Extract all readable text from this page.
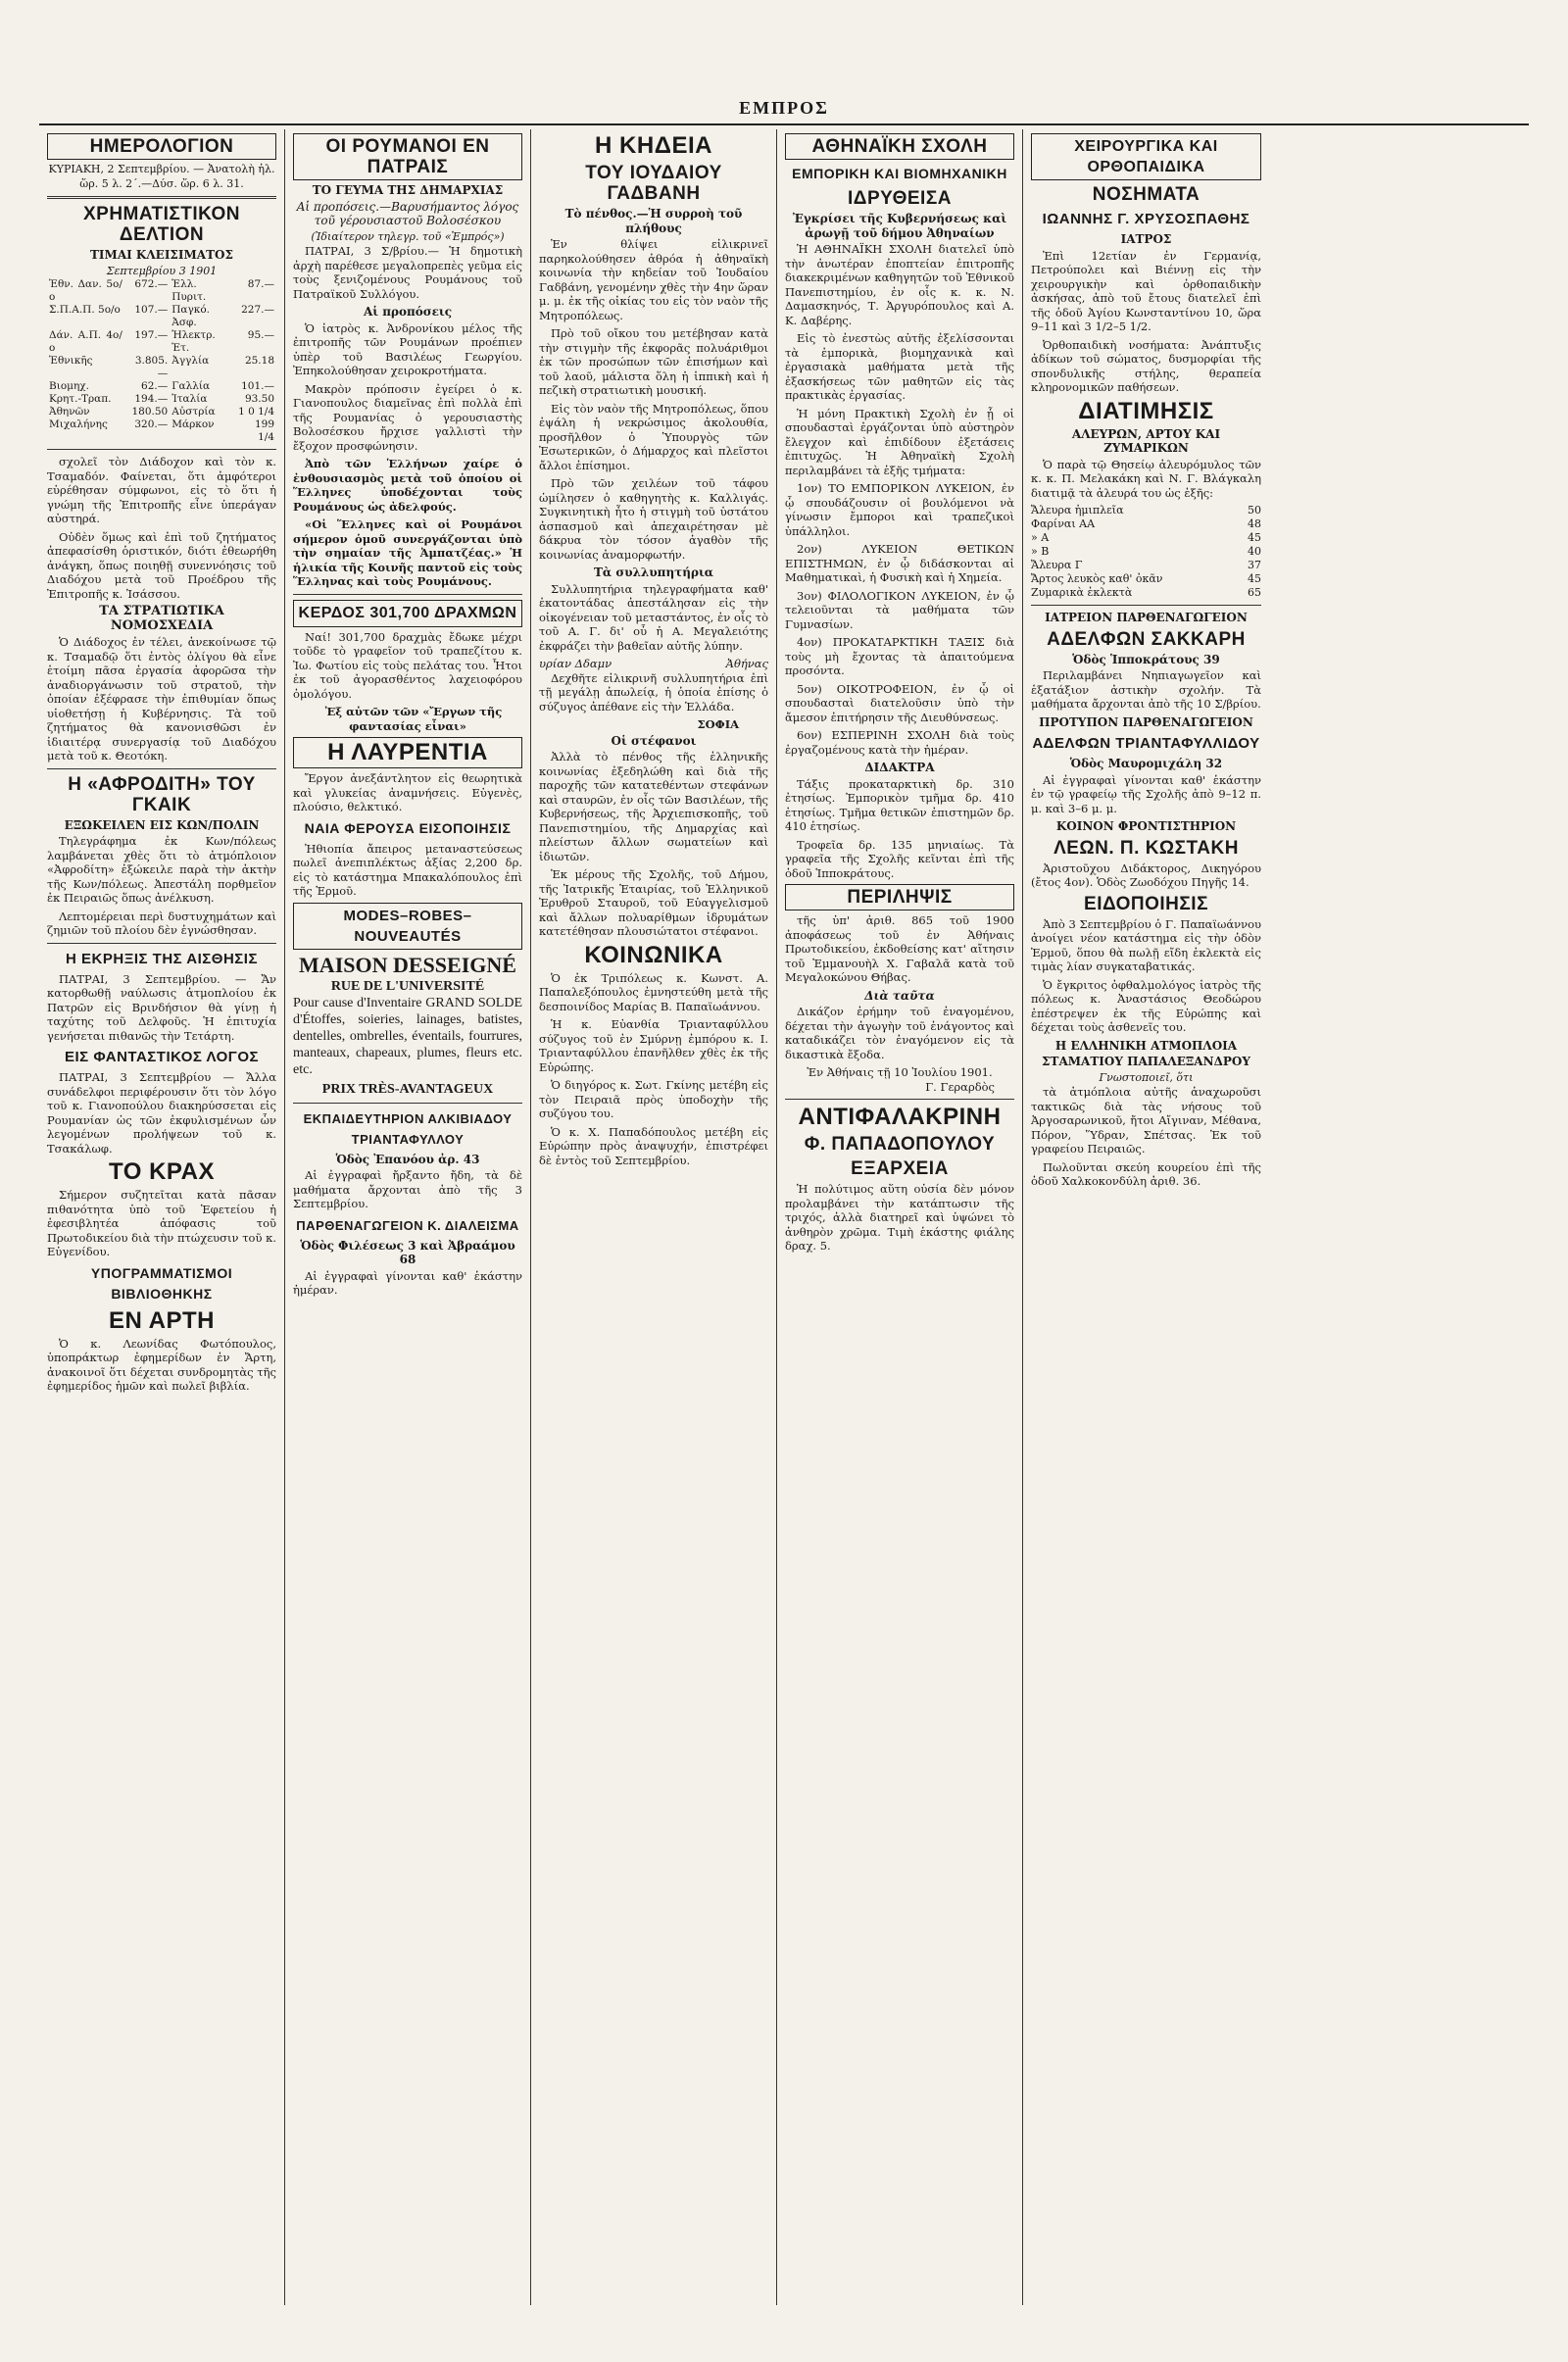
ΕΜΠΡΟΣ
ΗΜΕΡΟΛΟΓΙΟΝ
ΚΥΡΙΑΚΗ, 2 Σεπτεμβρίου. — Ἀνατολὴ ἡλ. ὥρ. 5 λ. 2΄.—Δύσ. ὥρ. 6 λ. 31.
ΧΡΗΜΑΤΙΣΤΙΚΟΝ ΔΕΛΤΙΟΝ
ΤΙΜΑΙ ΚΛΕΙΣΙΜΑΤΟΣ
Σεπτεμβρίου 3 1901
Ἐθν. Δαν. 5ο/ο	672.—	Ἑλλ. Πυριτ.	87.—
Σ.Π.Α.Π. 5ο/ο	107.—	Παγκό. Ἀσφ.	227.—
Δάν. Α.Π. 4ο/ο	197.—	Ἠλεκτρ. Ἑτ.	95.—
Ἐθνικῆς	3.805.—	Ἀγγλία	25.18
Βιομηχ.	62.—	Γαλλία	101.—
Κρητ.-Τραπ.	194.—	Ἰταλία	93.50
Ἀθηνῶν	180.50	Αὐστρία	1 0 1/4
Μιχαλήνης	320.—	Μάρκον	199 1/4

σχολεῖ τὸν Διάδοχον καὶ τὸν κ. Τσαμαδόν. Φαίνεται, ὅτι ἀμφότεροι εὑρέθησαν σύμφωνοι, εἰς τὸ ὅτι ἡ γνώμη τῆς Ἐπιτροπῆς εἶνε ὑπεράγαν αὐστηρά.

Οὐδὲν ὅμως καὶ ἐπὶ τοῦ ζητήματος ἀπεφασίσθη ὁριστικόν, διότι ἐθεωρήθη ἀνάγκη, ὅπως ποιηθῇ συνεννόησις τοῦ Διαδόχου μετὰ τοῦ Προέδρου τῆς Ἐπιτροπῆς κ. Ἰσάσσου.

ΤΑ ΣΤΡΑΤΙΩΤΙΚΑ ΝΟΜΟΣΧΕΔΙΑ

Ὁ Διάδοχος ἐν τέλει, ἀνεκοίνωσε τῷ κ. Τσαμαδῷ ὅτι ἐντὸς ὀλίγου θὰ εἶνε ἑτοίμη πᾶσα ἐργασία ἀφορῶσα τὴν ἀναδιοργάνωσιν τοῦ στρατοῦ, τὴν ὁποίαν ἐξέφρασε τὴν ἐπιθυμίαν ὅπως υἱοθετήσῃ ἡ Κυβέρνησις. Τὰ τοῦ ζητήματος θὰ κανονισθῶσι ἐν ἰδιαιτέρᾳ συνεργασίᾳ τοῦ Διαδόχου μετὰ τοῦ κ. Θεοτόκη.

Η «ΑΦΡΟΔΙΤΗ» ΤΟΥ ΓΚΑΙΚ
ΕΞΩΚΕΙΛΕΝ ΕΙΣ ΚΩΝ/ΠΟΛΙΝ

Τηλεγράφημα ἐκ Κων/πόλεως λαμβάνεται χθὲς ὅτι τὸ ἀτμόπλοιον «Ἀφροδίτη» ἐξώκειλε παρὰ τὴν ἀκτὴν τῆς Κων/πόλεως. Ἀπεστάλη πορθμεῖον ἐκ Πειραιῶς ὅπως ἀνέλκυση.

Λεπτομέρειαι περὶ δυστυχημάτων καὶ ζημιῶν τοῦ πλοίου δὲν ἐγνώσθησαν.

Η ΕΚΡΗΞΙΣ ΤΗΣ ΑΙΣΘΗΣΙΣ

ΠΑΤΡΑΙ, 3 Σεπτεμβρίου. — Ἄν κατορθωθῇ ναύλωσις ἀτμοπλοίου ἐκ Πατρῶν εἰς Βρινδήσιον θὰ γίνῃ ἡ ταχύτης τοῦ Δελφοῦς. Ἡ ἐπιτυχία γενήσεται πιθανῶς τὴν Τετάρτη.

ΕΙΣ ΦΑΝΤΑΣΤΙΚΟΣ ΛΟΓΟΣ

ΠΑΤΡΑΙ, 3 Σεπτεμβρίου — Ἄλλα συνάδελφοι περιφέρουσιν ὅτι τὸν λόγο τοῦ κ. Γιανοπούλου διακηρύσσεται εἰς Ρουμανίαν ὡς τῶν ἐκφυλισμένων ὧν λεγομένων προλήψεων τοῦ κ. Τσακάλωφ.

ΤΟ ΚΡΑΧ

Σήμερον συζητεῖται κατὰ πᾶσαν πιθανότητα ὑπὸ τοῦ Ἐφετείου ἡ ἐφεσιβλητέα ἀπόφασις τοῦ Πρωτοδικείου διὰ τὴν πτώχευσιν τοῦ κ. Εὐγενίδου.

ΥΠΟΓΡΑΜΜΑΤΙΣΜΟΙ ΒΙΒΛΙΟΘΗΚΗΣ
ΕΝ ΑΡΤΗ

Ὁ κ. Λεωνίδας Φωτόπουλος, ὑποπράκτωρ ἐφημερίδων ἐν Ἄρτη, ἀνακοινοῖ ὅτι δέχεται συνδρομητὰς τῆς ἐφημερίδος ἡμῶν καὶ πωλεῖ βιβλία.

ΟΙ ΡΟΥΜΑΝΟΙ ΕΝ ΠΑΤΡΑΙΣ
ΤΟ ΓΕΥΜΑ ΤΗΣ ΔΗΜΑΡΧΙΑΣ
Αἱ προπόσεις.—Βαρυσήμαντος λόγος τοῦ γέρουσιαστοῦ Βολοσέσκου
(Ἰδιαίτερον τηλεγρ. τοῦ «Ἐμπρός»)

ΠΑΤΡΑΙ, 3 Σ/βρίου.— Ἡ δημοτικὴ ἀρχὴ παρέθεσε μεγαλοπρεπὲς γεῦμα εἰς τοὺς ξενιζομένους Ρουμάνους τοῦ Πατραϊκοῦ Συλλόγου.

Αἱ προπόσεις

Ὁ ἰατρὸς κ. Ἀνδρονίκου μέλος τῆς ἐπιτροπῆς τῶν Ρουμάνων προέπιεν ὑπὲρ τοῦ Βασιλέως Γεωργίου. Ἐπηκολούθησαν χειροκροτήματα.

Μακρὸν πρόποσιν ἐγείρει ὁ κ. Γιανοπουλος διαμεῖνας ἐπὶ πολλὰ ἐπὶ τῆς Ρουμανίας ὁ γερουσιαστὴς Βολοσέσκου ἤρχισε γαλλιστὶ τὴν ἔξοχον προσφώνησιν.

Ἀπὸ τῶν Ἑλλήνων χαίρε ὁ ἐνθουσιασμὸς μετὰ τοῦ ὁποίου οἱ Ἕλληνες ὑποδέχονται τοὺς Ρουμάνους ὡς ἀδελφούς.

«Οἱ Ἕλληνες καὶ οἱ Ρουμάνοι σήμερον ὁμοῦ συνεργάζονται ὑπὸ τὴν σημαίαν τῆς Ἀμπατζέας.» Ἡ ἡλικία τῆς Κοινῆς παντοῦ εἰς τοὺς Ἕλληνας καὶ τοὺς Ρουμάνους.

ΚΕΡΔΟΣ 301,700 ΔΡΑΧΜΩΝ

Ναί! 301,700 δραχμὰς ἔδωκε μέχρι τοῦδε τὸ γραφεῖον τοῦ τραπεζίτου κ. Ἰω. Φωτίου εἰς τοὺς πελάτας του. Ἦτοι ἐκ τοῦ ἀγορασθέντος λαχειοφόρου ὁμολόγου.

Ἐξ αὐτῶν τῶν «Ἔργων τῆς φαντασίας εἶναι»

Η ΛΑΥΡΕΝΤΙΑ

Ἔργον ἀνεξάντλητον εἰς θεωρητικὰ καὶ γλυκείας ἀναμνήσεις. Εὐγενὲς, πλούσιο, θελκτικό.

ΝΑΙΑ ΦΕΡΟΥΣΑ ΕΙΣΟΠΟΙΗΣΙΣ

Ἠθιοπία ἄπειρος μεταναστεύσεως πωλεῖ ἀνεπιπλέκτως ἀξίας 2,200 δρ. εἰς τὸ κατάστημα Μπακαλόπουλος ἐπὶ τῆς Ἑρμοῦ.

MODES–ROBES–NOUVEAUTÉS
MAISON DESSEIGNÉ
RUE DE L'UNIVERSITÉ
Pour cause d'Inventaire GRAND SOLDE d'Étoffes, soieries, lainages, batistes, dentelles, ombrelles, éventails, fourrures, manteaux, chapeaux, plumes, fleurs etc. etc.
PRIX TRÈS-AVANTAGEUX
ΕΚΠΑΙΔΕΥΤΗΡΙΟΝ ΑΛΚΙΒΙΑΔΟΥ ΤΡΙΑΝΤΑΦΥΛΛΟΥ
Ὁδὸς Ἐπανόου ἀρ. 43

Αἱ ἐγγραφαὶ ἤρξαντο ἤδη, τὰ δὲ μαθήματα ἄρχονται ἀπὸ τῆς 3 Σεπτεμβρίου.

ΠΑΡΘΕΝΑΓΩΓΕΙΟΝ Κ. ΔΙΑΛΕΙΣΜΑ
Ὁδὸς Φιλέσεως 3 καὶ Ἀβραάμου 68

Αἱ ἐγγραφαὶ γίνονται καθ' ἑκάστην ἡμέραν.

Η ΚΗΔΕΙΑ
ΤΟΥ ΙΟΥΔΑΙΟΥ ΓΑΔΒΑΝΗ
Τὸ πένθος.—Ἡ συρροὴ τοῦ πλήθους

Ἐν θλίψει εἰλικρινεῖ παρηκολούθησεν ἀθρόα ἡ ἀθηναϊκὴ κοινωνία τὴν κηδείαν τοῦ Ἰουδαίου Γαδβάνη, γενομένην χθὲς τὴν 4ην ὥραν μ. μ. ἐκ τῆς οἰκίας του εἰς τὸν ναὸν τῆς Μητροπόλεως.

Πρὸ τοῦ οἴκου του μετέβησαν κατὰ τὴν στιγμὴν τῆς ἐκφορᾶς πολυάριθμοι ἐκ τῶν προσώπων τῶν ἐπισήμων καὶ τοῦ λαοῦ, μάλιστα ὅλη ἡ ἱππικὴ καὶ ἡ πεζικὴ στρατιωτικὴ μουσική.

Εἰς τὸν ναὸν τῆς Μητροπόλεως, ὅπου ἐψάλη ἡ νεκρώσιμος ἀκολουθία, προσῆλθον ὁ Ὑπουργὸς τῶν Ἐσωτερικῶν, ὁ Δήμαρχος καὶ πλεῖστοι ἄλλοι ἐπίσημοι.

Πρὸ τῶν χειλέων τοῦ τάφου ὡμίλησεν ὁ καθηγητὴς κ. Καλλιγάς. Συγκινητικὴ ἦτο ἡ στιγμὴ τοῦ ὑστάτου ἀσπασμοῦ καὶ ἀπεχαιρέτησαν μὲ δάκρυα τὸν τόσον ἀγαθὸν τῆς κοινωνίας ἀναμορφωτήν.

Τὰ συλλυπητήρια

Συλλυπητήρια τηλεγραφήματα καθ' ἑκατοντάδας ἀπεστάλησαν εἰς τὴν οἰκογένειαν τοῦ μεταστάντος, ἐν οἷς τὸ τοῦ Α. Γ. δι' οὗ ἡ Α. Μεγαλειότης ἐκφράζει τὴν βαθεῖαν αὐτῆς λύπην.

υρίαν Δδαμν	Ἀθήνας

Δεχθῆτε εἰλικρινῆ συλλυπητήρια ἐπὶ τῇ μεγάλῃ ἀπωλείᾳ, ἡ ὁποία ἐπίσης ὁ σύζυγος ἀπέθανε εἰς τὴν Ἑλλάδα.

ΣΟΦΙΑ
Οἱ στέφανοι

Ἀλλὰ τὸ πένθος τῆς ἑλληνικῆς κοινωνίας ἐξεδηλώθη καὶ διὰ τῆς παροχῆς τῶν κατατεθέντων στεφάνων καὶ σταυρῶν, ἐν οἷς τῶν Βασιλέων, τῆς Κυβερνήσεως, τῆς Ἀρχιεπισκοπῆς, τοῦ Πανεπιστημίου, τῆς Δημαρχίας καὶ πλείστων ἄλλων σωματείων καὶ ἰδιωτῶν.

Ἐκ μέρους τῆς Σχολῆς, τοῦ Δήμου, τῆς Ἰατρικῆς Ἑταιρίας, τοῦ Ἑλληνικοῦ Ἐρυθροῦ Σταυροῦ, τοῦ Εὐαγγελισμοῦ καὶ ἄλλων πολυαρίθμων ἱδρυμάτων κατετέθησαν πλουσιώτατοι στέφανοι.

ΚΟΙΝΩΝΙΚΑ

Ὁ ἐκ Τριπόλεως κ. Κωνστ. Α. Παπαλεξόπουλος ἐμνηστεύθη μετὰ τῆς δεσποινίδος Μαρίας Β. Παπαϊωάννου.

Ἡ κ. Εὐανθία Τριανταφύλλου σύζυγος τοῦ ἐν Σμύρνῃ ἐμπόρου κ. Ι. Τριανταφύλλου ἐπανῆλθεν χθὲς ἐκ τῆς Εὐρώπης.

Ὁ διηγόρος κ. Σωτ. Γκίνης μετέβη εἰς τὸν Πειραιᾶ πρὸς ὑποδοχὴν τῆς συζύγου του.

Ὁ κ. Χ. Παπαδόπουλος μετέβη εἰς Εὐρώπην πρὸς ἀναψυχήν, ἐπιστρέφει δὲ ἐντὸς τοῦ Σεπτεμβρίου.

ΑΘΗΝΑΪΚΗ ΣΧΟΛΗ
ΕΜΠΟΡΙΚΗ ΚΑΙ ΒΙΟΜΗΧΑΝΙΚΗ
ΙΔΡΥΘΕΙΣΑ
Ἐγκρίσει τῆς Κυβερνήσεως καὶ ἀρωγῇ τοῦ δήμου Ἀθηναίων

Ἡ ΑΘΗΝΑΪΚΗ ΣΧΟΛΗ διατελεῖ ὑπὸ τὴν ἀνωτέραν ἐποπτείαν ἐπιτροπῆς διακεκριμένων καθηγητῶν τοῦ Ἐθνικοῦ Πανεπιστημίου, ἐν οἷς κ. κ. Ν. Δαμασκηνός, Τ. Ἀργυρόπουλος καὶ Α. Κ. Δαβέρης.

Εἰς τὸ ἐνεστὼς αὐτῆς ἐξελίσσονται τὰ ἐμπορικὰ, βιομηχανικὰ καὶ ἐργασιακὰ μαθήματα μετὰ τῆς ἐξασκήσεως τῶν μαθητῶν εἰς τὰς πρακτικὰς ἐργασίας.

Ἡ μόνη Πρακτικὴ Σχολὴ ἐν ᾗ οἱ σπουδασταὶ ἐργάζονται ὑπὸ αὐστηρὸν ἔλεγχον καὶ ἐπιδίδουν ἐξετάσεις ἐπιτυχῶς. Ἡ Ἀθηναϊκὴ Σχολὴ περιλαμβάνει τὰ ἑξῆς τμήματα:

1ον) ΤΟ ΕΜΠΟΡΙΚΟΝ ΛΥΚΕΙΟΝ, ἐν ᾧ σπουδάζουσιν οἱ βουλόμενοι νὰ γίνωσιν ἔμποροι καὶ τραπεζικοὶ ὑπάλληλοι.

2ον) ΛΥΚΕΙΟΝ ΘΕΤΙΚΩΝ ΕΠΙΣΤΗΜΩΝ, ἐν ᾧ διδάσκονται αἱ Μαθηματικαὶ, ἡ Φυσικὴ καὶ ἡ Χημεία.

3ον) ΦΙΛΟΛΟΓΙΚΟΝ ΛΥΚΕΙΟΝ, ἐν ᾧ τελειοῦνται τὰ μαθήματα τῶν Γυμνασίων.

4ον) ΠΡΟΚΑΤΑΡΚΤΙΚΗ ΤΑΞΙΣ διὰ τοὺς μὴ ἔχοντας τὰ ἀπαιτούμενα προσόντα.

5ον) ΟΙΚΟΤΡΟΦΕΙΟΝ, ἐν ᾧ οἱ σπουδασταὶ διατελοῦσιν ὑπὸ τὴν ἄμεσον ἐπιτήρησιν τῆς Διευθύνσεως.

6ον) ΕΣΠΕΡΙΝΗ ΣΧΟΛΗ διὰ τοὺς ἐργαζομένους κατὰ τὴν ἡμέραν.

ΔΙΔΑΚΤΡΑ

Τάξις προκαταρκτικὴ δρ. 310 ἐτησίως. Ἐμπορικὸν τμῆμα δρ. 410 ἐτησίως. Τμῆμα θετικῶν ἐπιστημῶν δρ. 410 ἐτησίως.

Τροφεῖα δρ. 135 μηνιαίως. Τὰ γραφεῖα τῆς Σχολῆς κεῖνται ἐπὶ τῆς ὁδοῦ Ἱπποκράτους.

ΠΕΡΙΛΗΨΙΣ

τῆς ὑπ' ἀριθ. 865 τοῦ 1900 ἀποφάσεως τοῦ ἐν Ἀθήναις Πρωτοδικείου, ἐκδοθείσης κατ' αἴτησιν τοῦ Ἐμμανουὴλ Χ. Γαβαλᾶ κατὰ τοῦ Μεγαλοκώνου Θήβας.

Διὰ ταῦτα

Δικάζον ἐρήμην τοῦ ἐναγομένου, δέχεται τὴν ἀγωγὴν τοῦ ἐνάγοντος καὶ καταδικάζει τὸν ἐναγόμενον εἰς τὰ δικαστικὰ ἔξοδα.

Ἐν Ἀθήναις τῇ 10 Ἰουλίου 1901.
Γ. Γεραρδὸς
ΑΝΤΙΦΑΛΑΚΡΙΝΗ
Φ. ΠΑΠΑΔΟΠΟΥΛΟΥ
ΕΞΑΡΧΕΙΑ

Ἡ πολύτιμος αὕτη οὐσία δὲν μόνον προλαμβάνει τὴν κατάπτωσιν τῆς τριχός, ἀλλὰ διατηρεῖ καὶ ὑψώνει τὸ ἀνθηρὸν χρῶμα. Τιμὴ ἑκάστης φιάλης δραχ. 5.

ΧΕΙΡΟΥΡΓΙΚΑ ΚΑΙ ΟΡΘΟΠΑΙΔΙΚΑ
ΝΟΣΗΜΑΤΑ
ΙΩΑΝΝΗΣ Γ. ΧΡΥΣΟΣΠΑΘΗΣ
ΙΑΤΡΟΣ

Ἐπὶ 12ετίαν ἐν Γερμανίᾳ, Πετρούπολει καὶ Βιέννῃ εἰς τὴν χειρουργικὴν καὶ ὀρθοπαιδικὴν ἀσκήσας, ἀπὸ τοῦ ἔτους διατελεῖ ἐπὶ τῆς ὁδοῦ Ἀγίου Κωνσταντίνου 10, ὥρα 9–11 καὶ 3 1/2–5 1/2.

Ὀρθοπαιδικὴ νοσήματα: Ἀνάπτυξις ἀδίκων τοῦ σώματος, δυσμορφίαι τῆς σπονδυλικῆς στήλης, θεραπεία κληρονομικῶν παθήσεων.

ΔΙΑΤΙΜΗΣΙΣ
ΑΛΕΥΡΩΝ, ΑΡΤΟΥ ΚΑΙ ΖΥΜΑΡΙΚΩΝ

Ὁ παρὰ τῷ Θησείῳ ἀλευρόμυλος τῶν κ. κ. Π. Μελακάκη καὶ Ν. Γ. Βλάγκαλη διατιμᾷ τὰ ἀλευρά του ὡς ἑξῆς:

Ἄλευρα ἡμιπλεῖα	50
Φαρίναι ΑΑ	48
» Α	45
» Β	40
Ἄλευρα Γ	37
Ἄρτος λευκὸς καθ' ὀκᾶν	45
Ζυμαρικὰ ἐκλεκτὰ	65
ΙΑΤΡΕΙΟΝ ΠΑΡΘΕΝΑΓΩΓΕΙΟΝ
ΑΔΕΛΦΩΝ ΣΑΚΚΑΡΗ
Ὁδὸς Ἱπποκράτους 39

Περιλαμβάνει Νηπιαγωγεῖον καὶ ἑξατάξιον ἀστικὴν σχολήν. Τὰ μαθήματα ἄρχονται ἀπὸ τῆς 10 Σ/βρίου.

ΠΡΟΤΥΠΟΝ ΠΑΡΘΕΝΑΓΩΓΕΙΟΝ
ΑΔΕΛΦΩΝ ΤΡΙΑΝΤΑΦΥΛΛΙΔΟΥ
Ὁδὸς Μαυρομιχάλη 32

Αἱ ἐγγραφαὶ γίνονται καθ' ἑκάστην ἐν τῷ γραφείῳ τῆς Σχολῆς ἀπὸ 9–12 π. μ. καὶ 3–6 μ. μ.

ΚΟΙΝΟΝ ΦΡΟΝΤΙΣΤΗΡΙΟΝ
ΛΕΩΝ. Π. ΚΩΣΤΑΚΗ

Ἀριστοῦχου Διδάκτορος, Δικηγόρου (ἔτος 4ον). Ὁδὸς Ζωοδόχου Πηγῆς 14.

ΕΙΔΟΠΟΙΗΣΙΣ

Ἀπὸ 3 Σεπτεμβρίου ὁ Γ. Παπαϊωάννου ἀνοίγει νέον κατάστημα εἰς τὴν ὁδὸν Ἑρμοῦ, ὅπου θὰ πωλῇ εἴδη ἐκλεκτὰ εἰς τιμὰς λίαν συγκαταβατικάς.

Ὁ ἔγκριτος ὀφθαλμολόγος ἰατρὸς τῆς πόλεως κ. Ἀναστάσιος Θεοδώρου ἐπέστρεψεν ἐκ τῆς Εὐρώπης καὶ δέχεται τοὺς ἀσθενεῖς του.

Η ΕΛΛΗΝΙΚΗ ΑΤΜΟΠΛΟΙΑ
ΣΤΑΜΑΤΙΟΥ ΠΑΠΑΛΕΞΑΝΔΡΟΥ
Γνωστοποιεῖ, ὅτι

τὰ ἀτμόπλοια αὐτῆς ἀναχωροῦσι τακτικῶς διὰ τὰς νήσους τοῦ Ἀργοσαρωνικοῦ, ἤτοι Αἴγιναν, Μέθανα, Πόρον, Ὕδραν, Σπέτσας. Ἐκ τοῦ γραφείου Πειραιῶς.

Πωλοῦνται σκεύη κουρείου ἐπὶ τῆς ὁδοῦ Χαλκοκονδύλη ἀριθ. 36.
